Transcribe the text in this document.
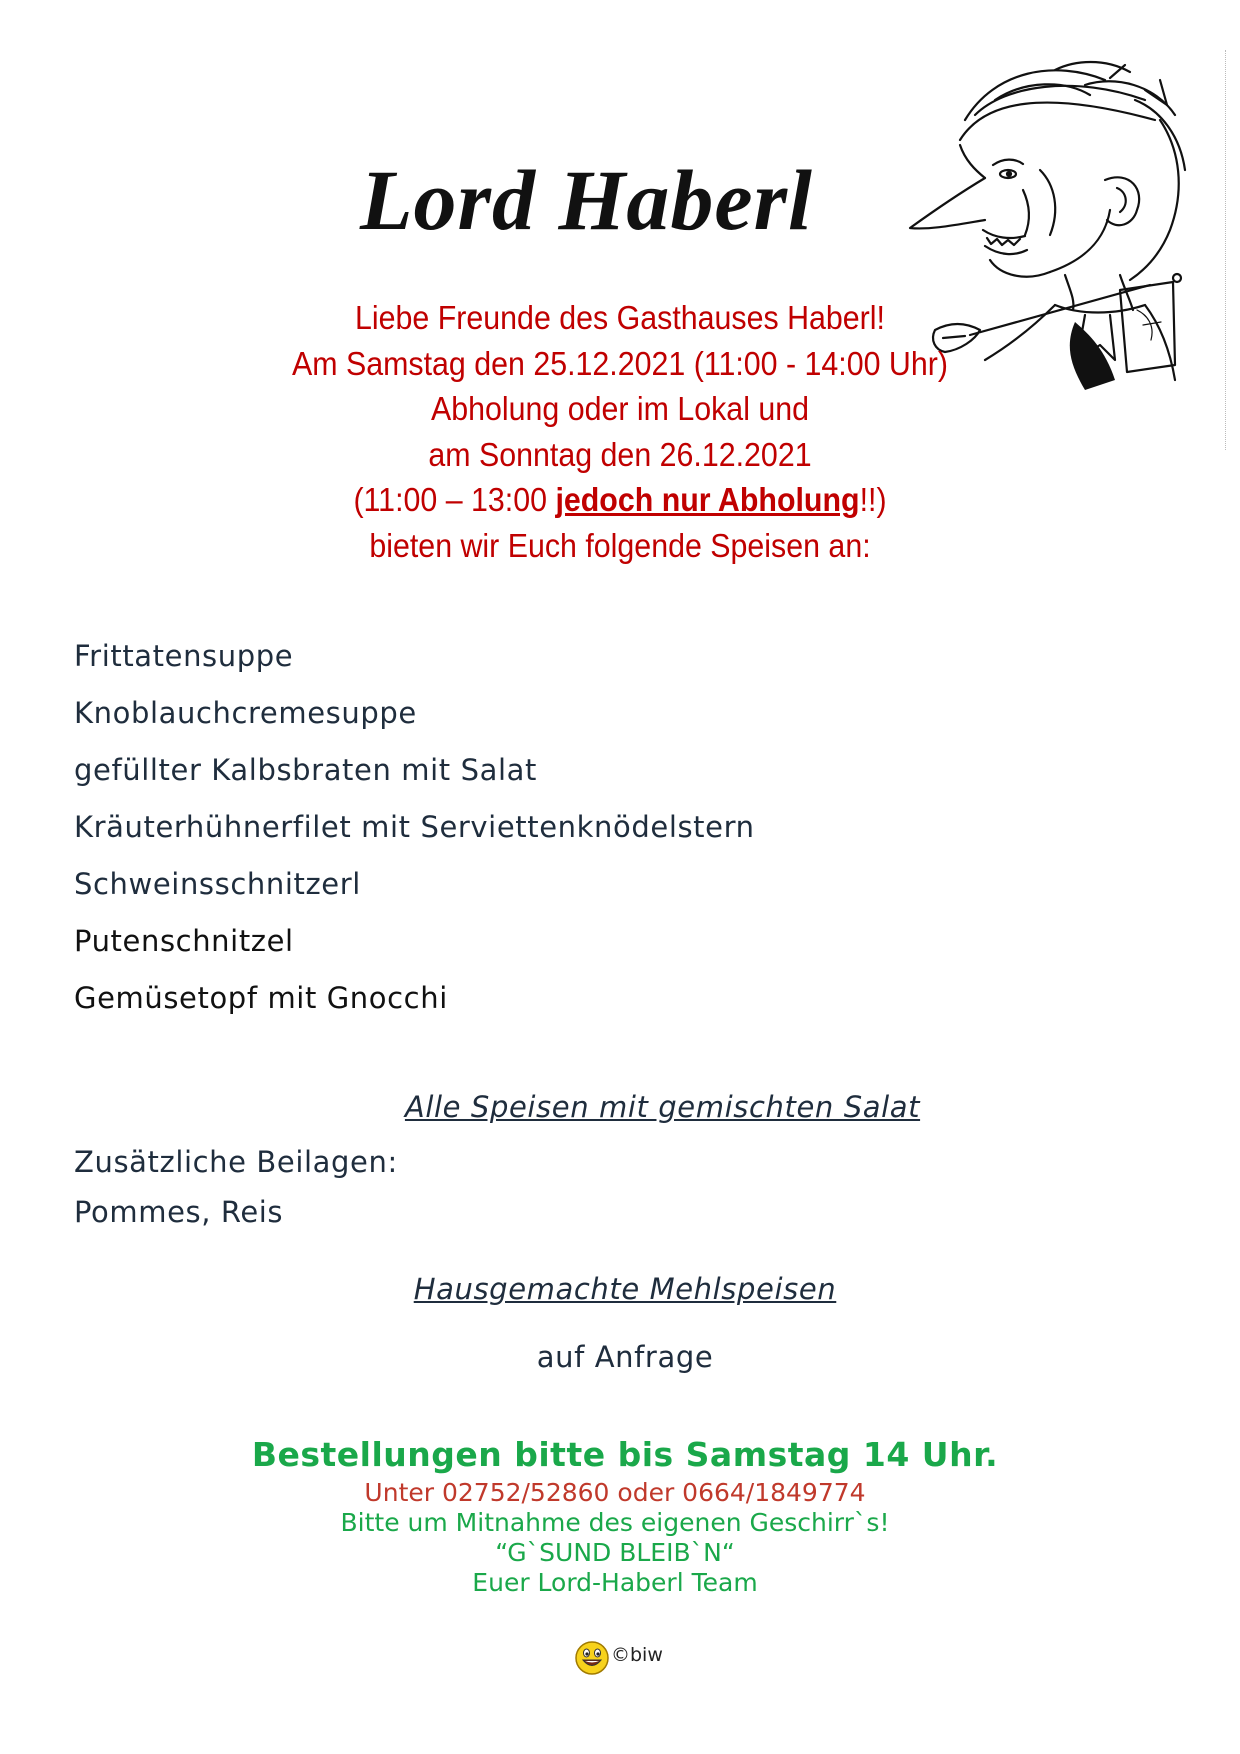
Lord Haberl
Liebe Freunde des Gasthauses Haberl!
Am Samstag den 25.12.2021 (11:00 - 14:00 Uhr)
Abholung oder im Lokal und
am Sonntag den 26.12.2021
(11:00 – 13:00 jedoch nur Abholung!!)
bieten wir Euch folgende Speisen an:
Frittatensuppe
Knoblauchcremesuppe
gefüllter Kalbsbraten mit Salat
Kräuterhühnerfilet mit Serviettenknödelstern
Schweinsschnitzerl
Putenschnitzel
Gemüsetopf mit Gnocchi

Alle Speisen mit gemischten Salat

Zusätzliche Beilagen:

Pommes, Reis

Hausgemachte Mehlspeisen

auf Anfrage

Bestellungen bitte bis Samstag 14 Uhr.

Unter 02752/52860 oder 0664/1849774
Bitte um Mitnahme des eigenen Geschirr`s!
“G`SUND BLEIB`N“
Euer Lord-Haberl Team

©biw
